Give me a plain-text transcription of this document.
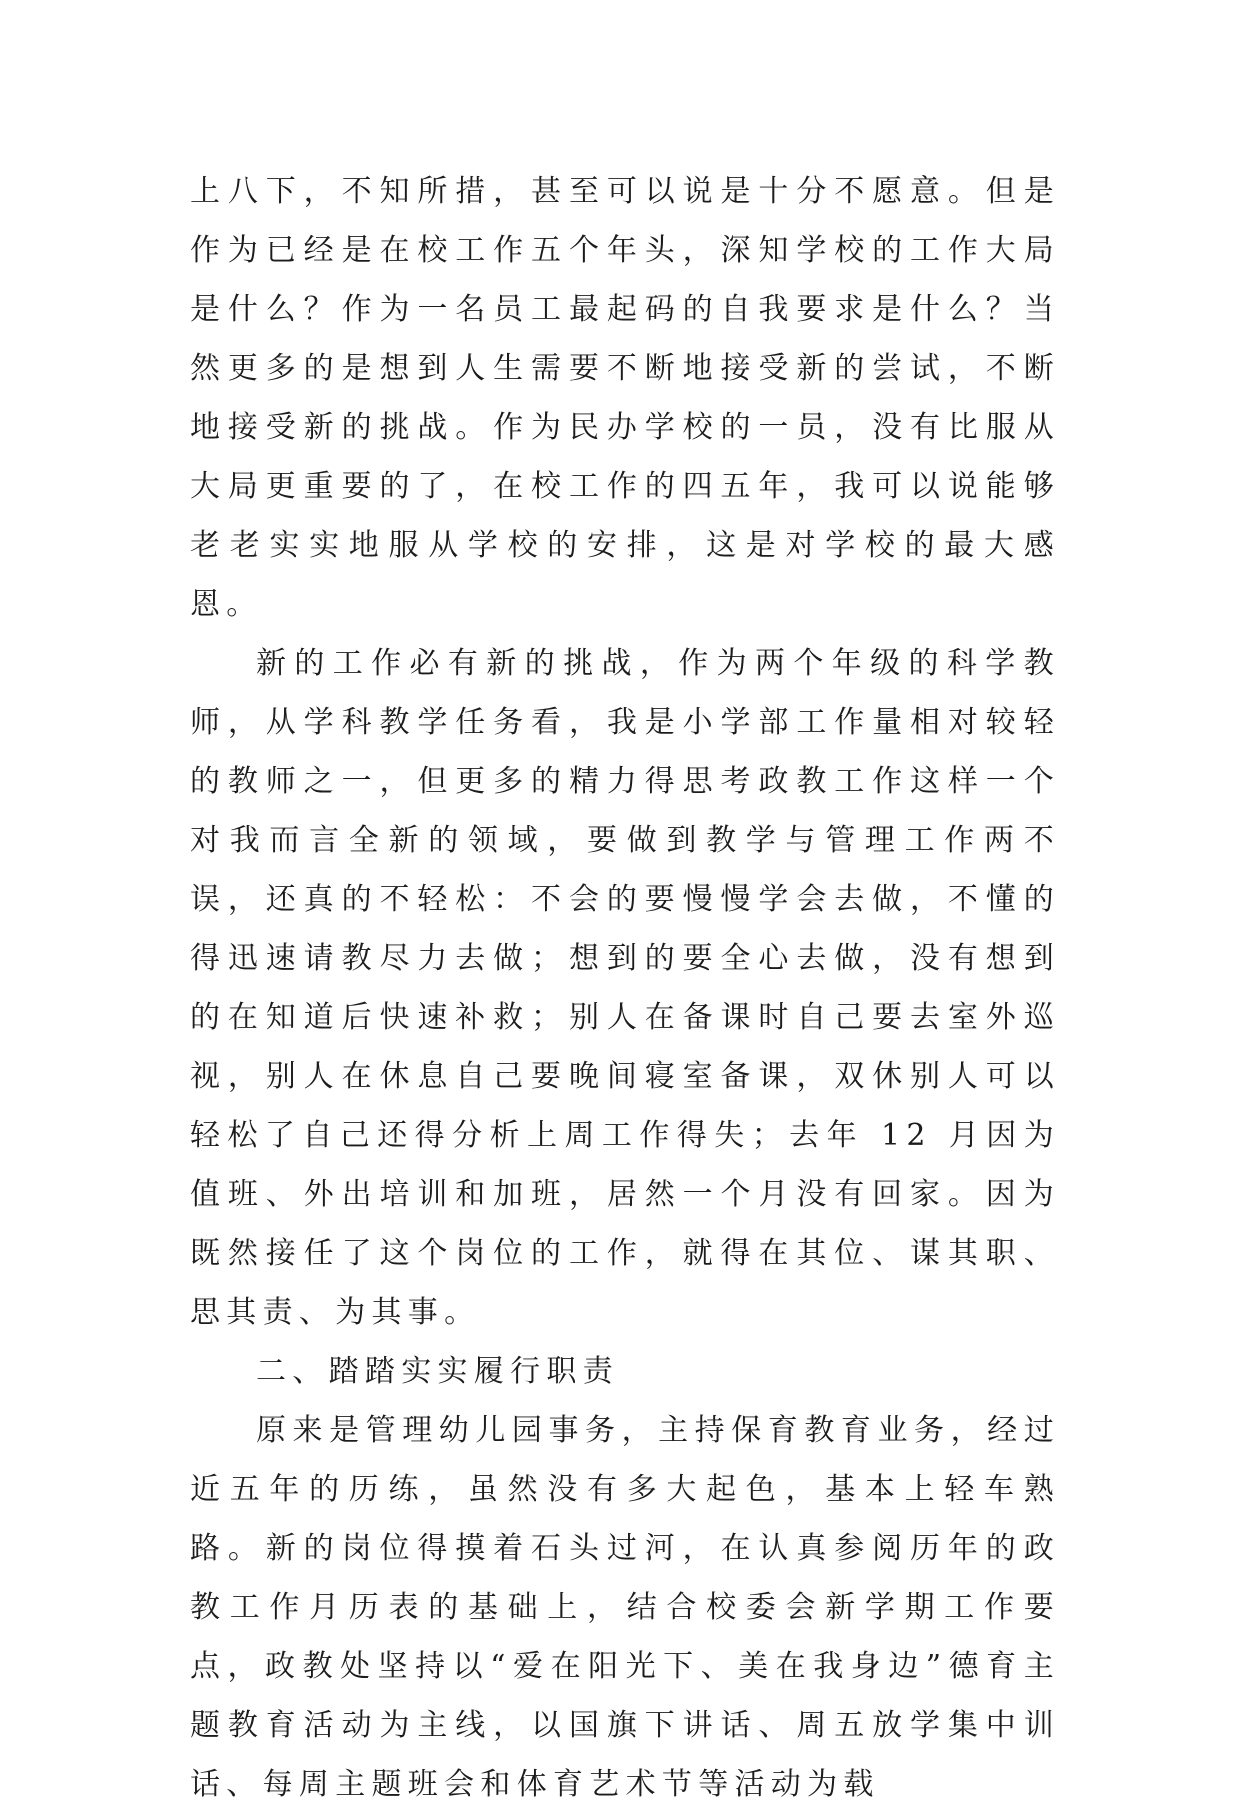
上八下，不知所措，甚至可以说是十分不愿意。但是作为已经是在校工作五个年头，深知学校的工作大局是什么？作为一名员工最起码的自我要求是什么？当然更多的是想到人生需要不断地接受新的尝试，不断地接受新的挑战。作为民办学校的一员，没有比服从大局更重要的了，在校工作的四五年，我可以说能够老老实实地服从学校的安排，这是对学校的最大感恩。

新的工作必有新的挑战，作为两个年级的科学教师，从学科教学任务看，我是小学部工作量相对较轻的教师之一，但更多的精力得思考政教工作这样一个对我而言全新的领域，要做到教学与管理工作两不误，还真的不轻松：不会的要慢慢学会去做，不懂的得迅速请教尽力去做；想到的要全心去做，没有想到的在知道后快速补救；别人在备课时自己要去室外巡视，别人在休息自己要晚间寝室备课，双休别人可以轻松了自己还得分析上周工作得失；去年 12 月因为值班、外出培训和加班，居然一个月没有回家。因为既然接任了这个岗位的工作，就得在其位、谋其职、思其责、为其事。

二、踏踏实实履行职责

原来是管理幼儿园事务，主持保育教育业务，经过近五年的历练，虽然没有多大起色，基本上轻车熟路。新的岗位得摸着石头过河，在认真参阅历年的政教工作月历表的基础上，结合校委会新学期工作要点，政教处坚持以“爱在阳光下、美在我身边”德育主题教育活动为主线，以国旗下讲话、周五放学集中训话、每周主题班会和体育艺术节等活动为载
